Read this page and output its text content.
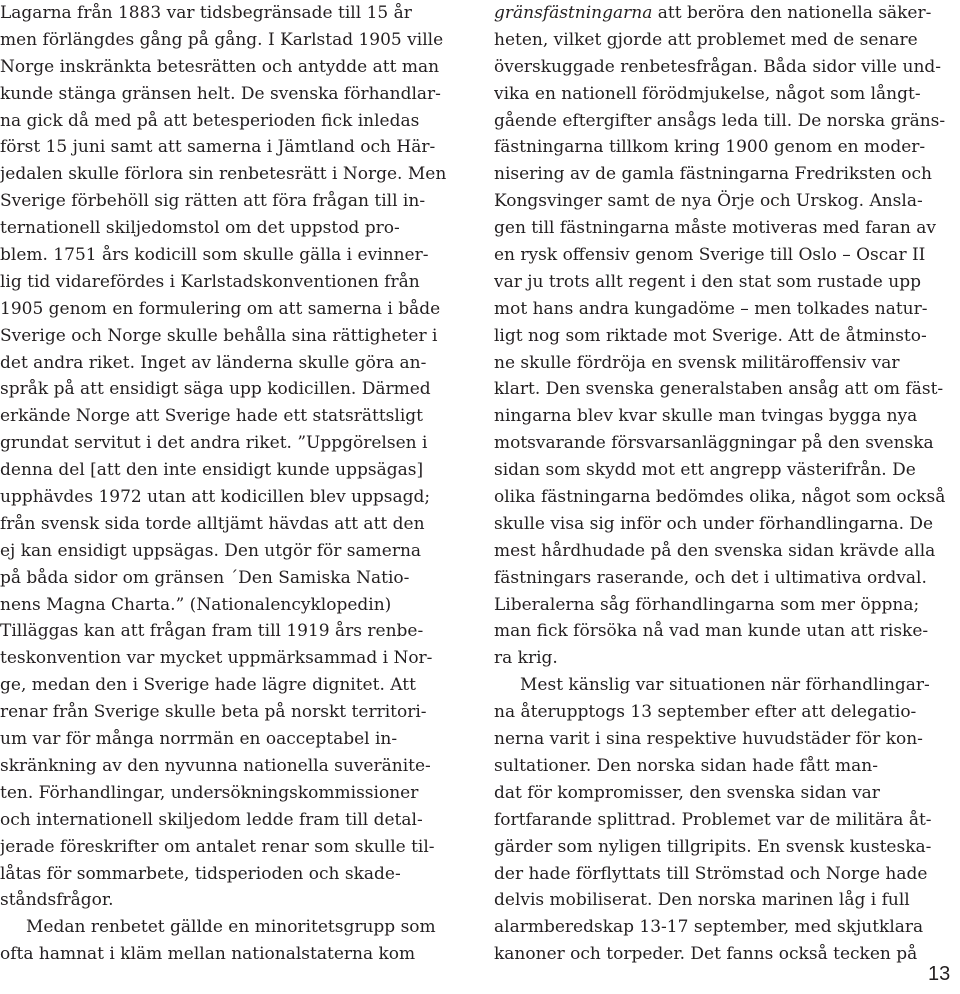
Lagarna från 1883 var tidsbegränsade till 15 år
men förlängdes gång på gång. I Karlstad 1905 ville
Norge inskränkta betesrätten och antydde att man
kunde stänga gränsen helt. De svenska förhandlar-
na gick då med på att betesperioden fick inledas
först 15 juni samt att samerna i Jämtland och Här-
jedalen skulle förlora sin renbetesrätt i Norge. Men
Sverige förbehöll sig rätten att föra frågan till in-
ternationell skiljedomstol om det uppstod pro-
blem. 1751 års kodicill som skulle gälla i evinner-
lig tid vidarefördes i Karlstadskonventionen från
1905 genom en formulering om att samerna i både
Sverige och Norge skulle behålla sina rättigheter i
det andra riket. Inget av länderna skulle göra an-
språk på att ensidigt säga upp kodicillen. Därmed
erkände Norge att Sverige hade ett statsrättsligt
grundat servitut i det andra riket. ”Uppgörelsen i
denna del [att den inte ensidigt kunde uppsägas]
upphävdes 1972 utan att kodicillen blev uppsagd;
från svensk sida torde alltjämt hävdas att att den
ej kan ensidigt uppsägas. Den utgör för samerna
på båda sidor om gränsen ´Den Samiska Natio-
nens Magna Charta.” (Nationalencyklopedin)
Tilläggas kan att frågan fram till 1919 års renbe-
teskonvention var mycket uppmärksammad i Nor-
ge, medan den i Sverige hade lägre dignitet. Att
renar från Sverige skulle beta på norskt territori-
um var för många norrmän en oacceptabel in-
skränkning av den nyvunna nationella suveränite-
ten. Förhandlingar, undersökningskommissioner
och internationell skiljedom ledde fram till detal-
jerade föreskrifter om antalet renar som skulle til-
låtas för sommarbete, tidsperioden och skade-
ståndsfrågor.
Medan renbetet gällde en minoritetsgrupp som
ofta hamnat i kläm mellan nationalstaterna kom
gränsfästningarna att beröra den nationella säker-
heten, vilket gjorde att problemet med de senare
överskuggade renbetesfrågan. Båda sidor ville und-
vika en nationell förödmjukelse, något som långt-
gående eftergifter ansågs leda till. De norska gräns-
fästningarna tillkom kring 1900 genom en moder-
nisering av de gamla fästningarna Fredriksten och
Kongsvinger samt de nya Örje och Urskog. Ansla-
gen till fästningarna måste motiveras med faran av
en rysk offensiv genom Sverige till Oslo – Oscar II
var ju trots allt regent i den stat som rustade upp
mot hans andra kungadöme – men tolkades natur-
ligt nog som riktade mot Sverige. Att de åtminsto-
ne skulle fördröja en svensk militäroffensiv var
klart. Den svenska generalstaben ansåg att om fäst-
ningarna blev kvar skulle man tvingas bygga nya
motsvarande försvarsanläggningar på den svenska
sidan som skydd mot ett angrepp västerifrån. De
olika fästningarna bedömdes olika, något som också
skulle visa sig inför och under förhandlingarna. De
mest hårdhudade på den svenska sidan krävde alla
fästningars raserande, och det i ultimativa ordval.
Liberalerna såg förhandlingarna som mer öppna;
man fick försöka nå vad man kunde utan att riske-
ra krig.
Mest känslig var situationen när förhandlingar-
na återupptogs 13 september efter att delegatio-
nerna varit i sina respektive huvudstäder för kon-
sultationer. Den norska sidan hade fått man-
dat för kompromisser, den svenska sidan var
fortfarande splittrad. Problemet var de militära åt-
gärder som nyligen tillgripits. En svensk kusteska-
der hade förflyttats till Strömstad och Norge hade
delvis mobiliserat. Den norska marinen låg i full
alarmberedskap 13-17 september, med skjutklara
kanoner och torpeder. Det fanns också tecken på
13
